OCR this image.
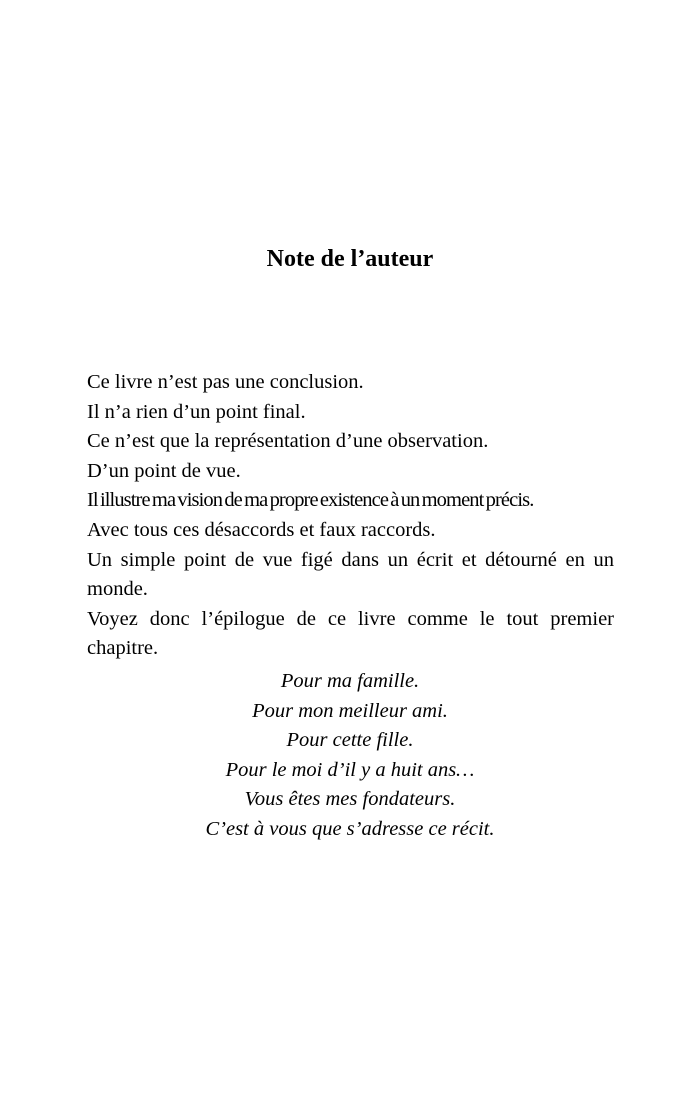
Note de l’auteur
Ce livre n’est pas une conclusion.
Il n’a rien d’un point final.
Ce n’est que la représentation d’une observation.
D’un point de vue.
Il illustre ma vision de ma propre existence à un moment précis.
Avec tous ces désaccords et faux raccords.
Un simple point de vue figé dans un écrit et détourné en un monde.
Voyez donc l’épilogue de ce livre comme le tout premier chapitre.
Pour ma famille.
Pour mon meilleur ami.
Pour cette fille.
Pour le moi d’il y a huit ans…
Vous êtes mes fondateurs.
C’est à vous que s’adresse ce récit.
